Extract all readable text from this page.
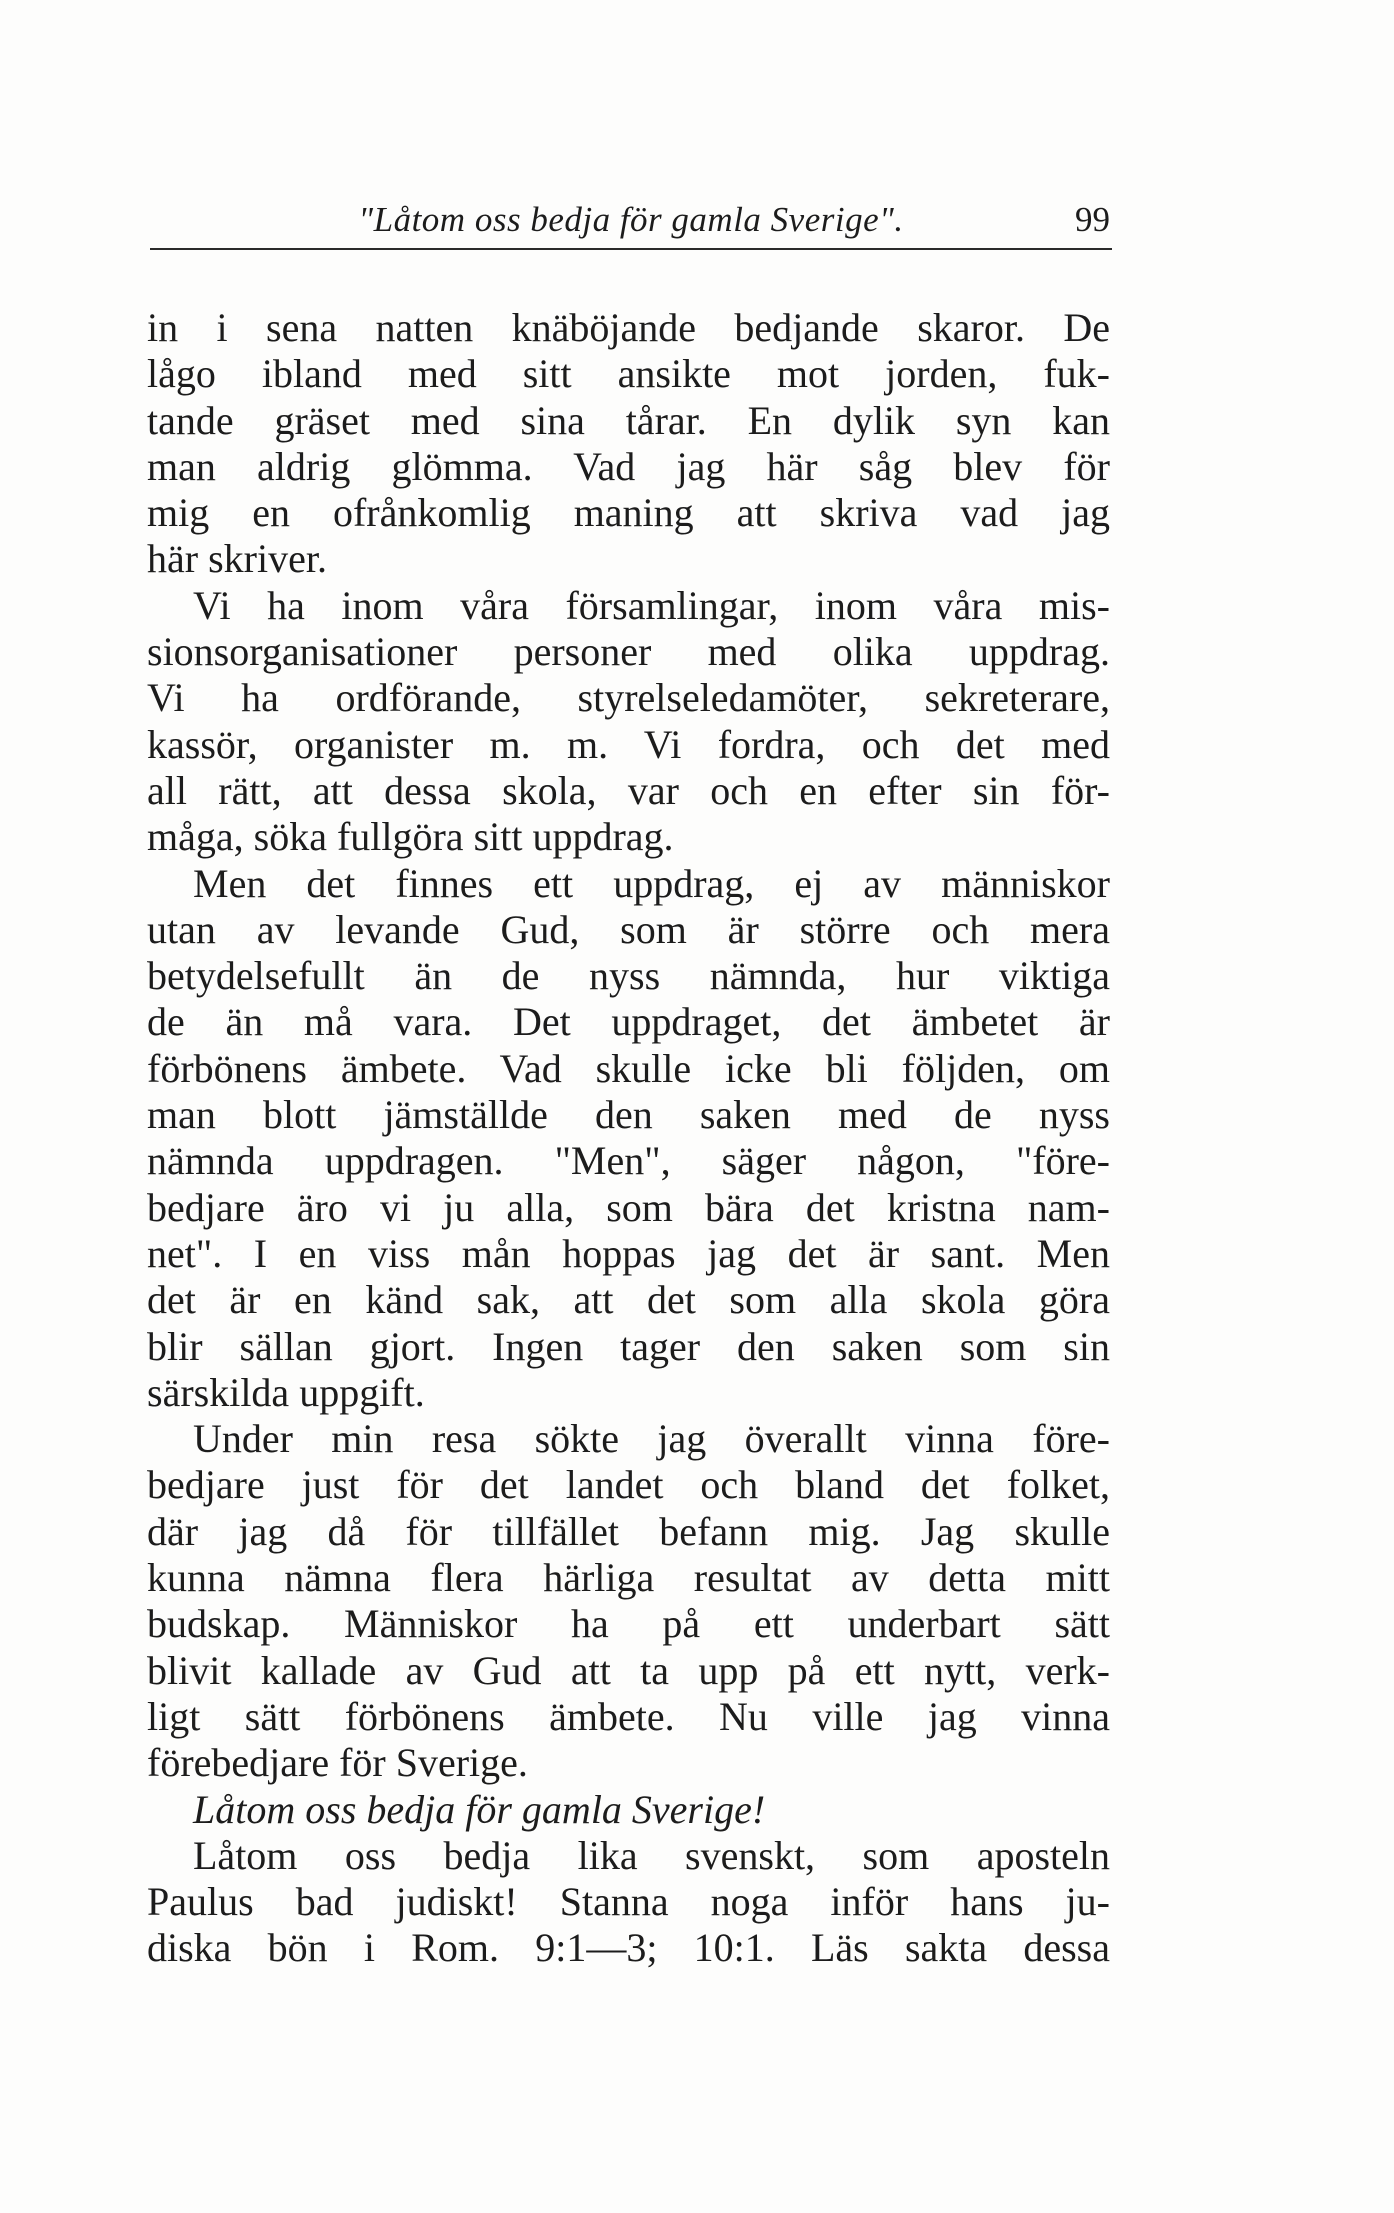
"Låtom oss bedja för gamla Sverige".	99
in i sena natten knäböjande bedjande skaror. De
lågo ibland med sitt ansikte mot jorden, fuk-
tande gräset med sina tårar. En dylik syn kan
man aldrig glömma. Vad jag här såg blev för
mig en ofrånkomlig maning att skriva vad jag
här skriver.
Vi ha inom våra församlingar, inom våra mis-
sionsorganisationer personer med olika uppdrag.
Vi ha ordförande, styrelseledamöter, sekreterare,
kassör, organister m. m. Vi fordra, och det med
all rätt, att dessa skola, var och en efter sin för-
måga, söka fullgöra sitt uppdrag.
Men det finnes ett uppdrag, ej av människor
utan av levande Gud, som är större och mera
betydelsefullt än de nyss nämnda, hur viktiga
de än må vara. Det uppdraget, det ämbetet är
förbönens ämbete. Vad skulle icke bli följden, om
man blott jämställde den saken med de nyss
nämnda uppdragen. "Men", säger någon, "före-
bedjare äro vi ju alla, som bära det kristna nam-
net". I en viss mån hoppas jag det är sant. Men
det är en känd sak, att det som alla skola göra
blir sällan gjort. Ingen tager den saken som sin
särskilda uppgift.
Under min resa sökte jag överallt vinna före-
bedjare just för det landet och bland det folket,
där jag då för tillfället befann mig. Jag skulle
kunna nämna flera härliga resultat av detta mitt
budskap. Människor ha på ett underbart sätt
blivit kallade av Gud att ta upp på ett nytt, verk-
ligt sätt förbönens ämbete. Nu ville jag vinna
förebedjare för Sverige.
Låtom oss bedja för gamla Sverige!
Låtom oss bedja lika svenskt, som aposteln
Paulus bad judiskt! Stanna noga inför hans ju-
diska bön i Rom. 9:1—3; 10:1. Läs sakta dessa
